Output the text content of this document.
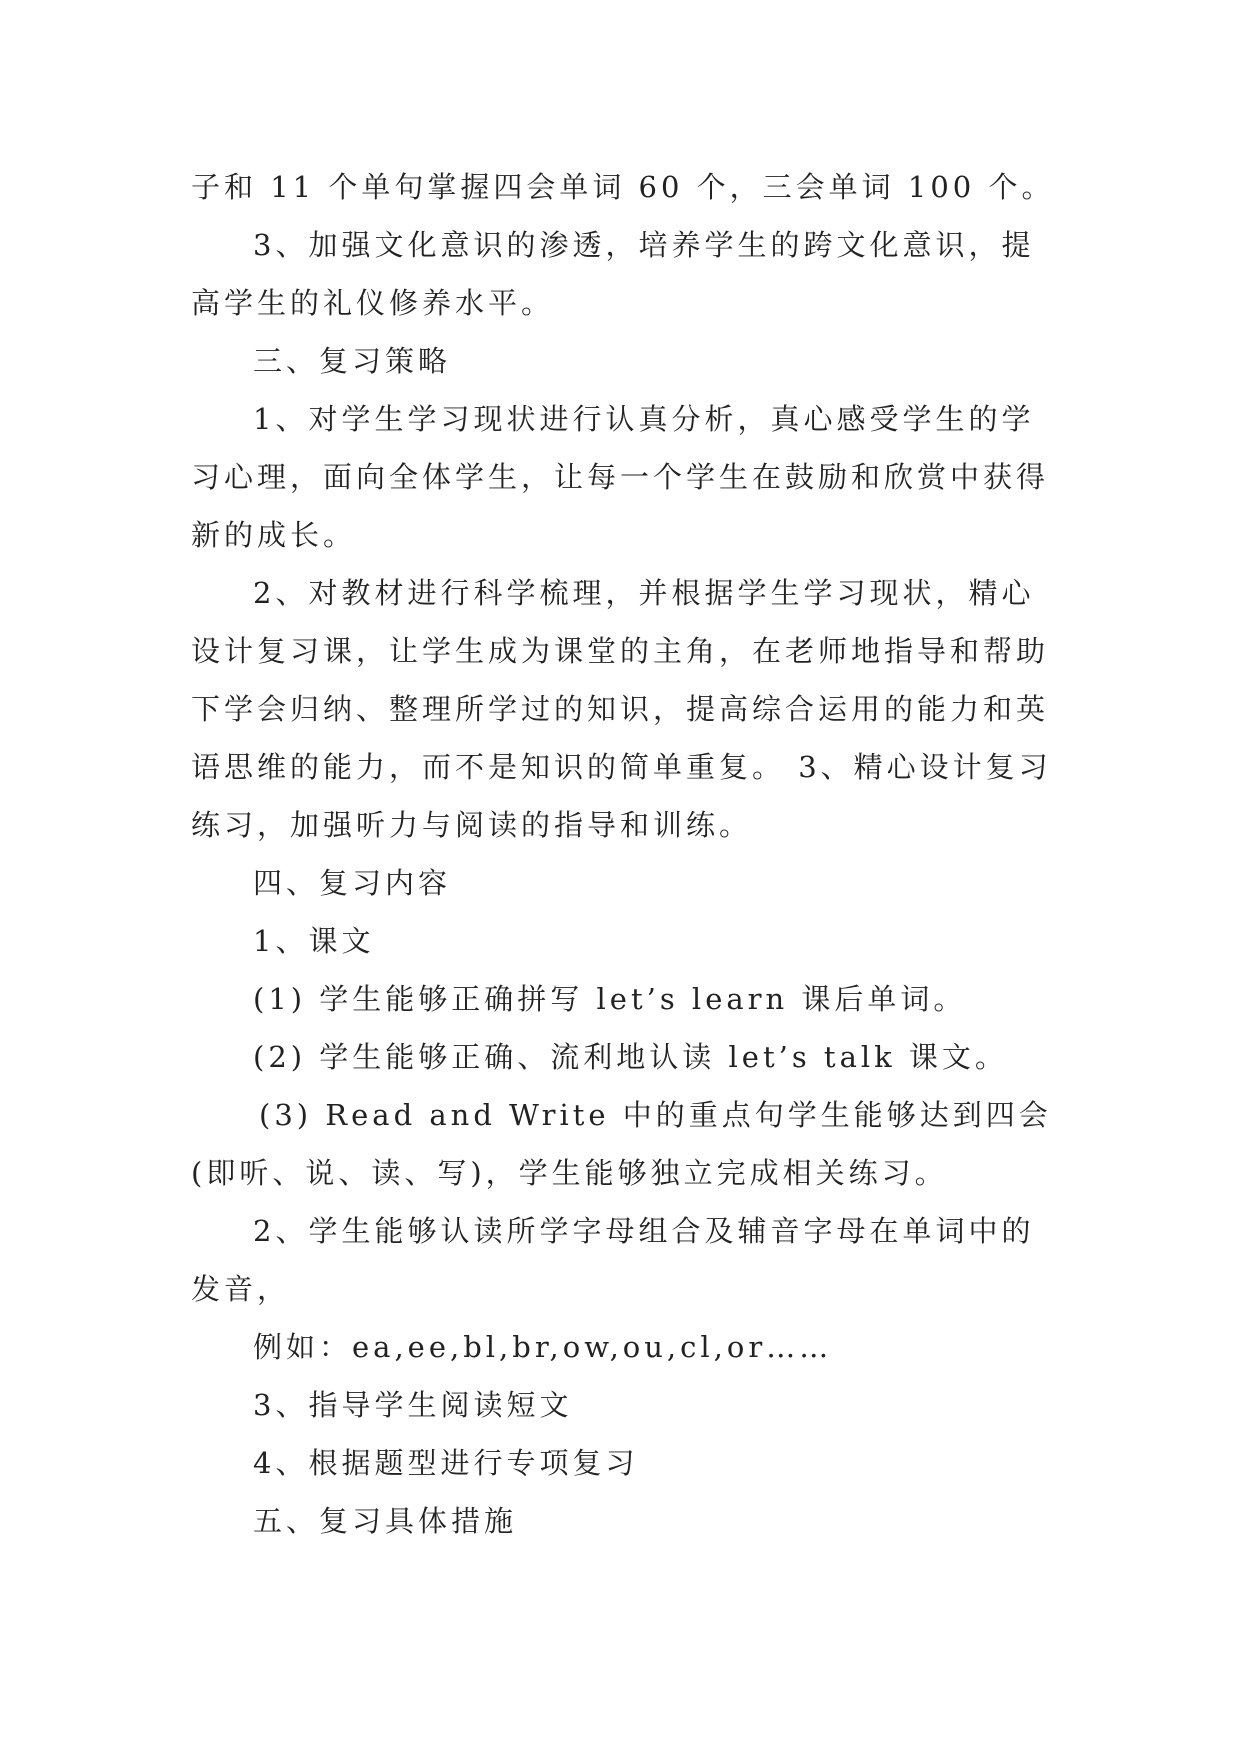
子和 11 个单句掌握四会单词 60 个，三会单词 100 个。

3、加强文化意识的渗透，培养学生的跨文化意识，提

高学生的礼仪修养水平。

三、复习策略

1、对学生学习现状进行认真分析，真心感受学生的学

习心理，面向全体学生，让每一个学生在鼓励和欣赏中获得

新的成长。

2、对教材进行科学梳理，并根据学生学习现状，精心

设计复习课，让学生成为课堂的主角，在老师地指导和帮助

下学会归纳、整理所学过的知识，提高综合运用的能力和英

语思维的能力，而不是知识的简单重复。 3、精心设计复习

练习，加强听力与阅读的指导和训练。

四、复习内容

1、课文

(1) 学生能够正确拼写 let’s learn 课后单词。

(2) 学生能够正确、流利地认读 let’s talk 课文。

(3) Read and Write 中的重点句学生能够达到四会

(即听、说、读、写)，学生能够独立完成相关练习。

2、学生能够认读所学字母组合及辅音字母在单词中的

发音，

例如：ea,ee,bl,br,ow,ou,cl,or……

3、指导学生阅读短文

4、根据题型进行专项复习

五、复习具体措施
